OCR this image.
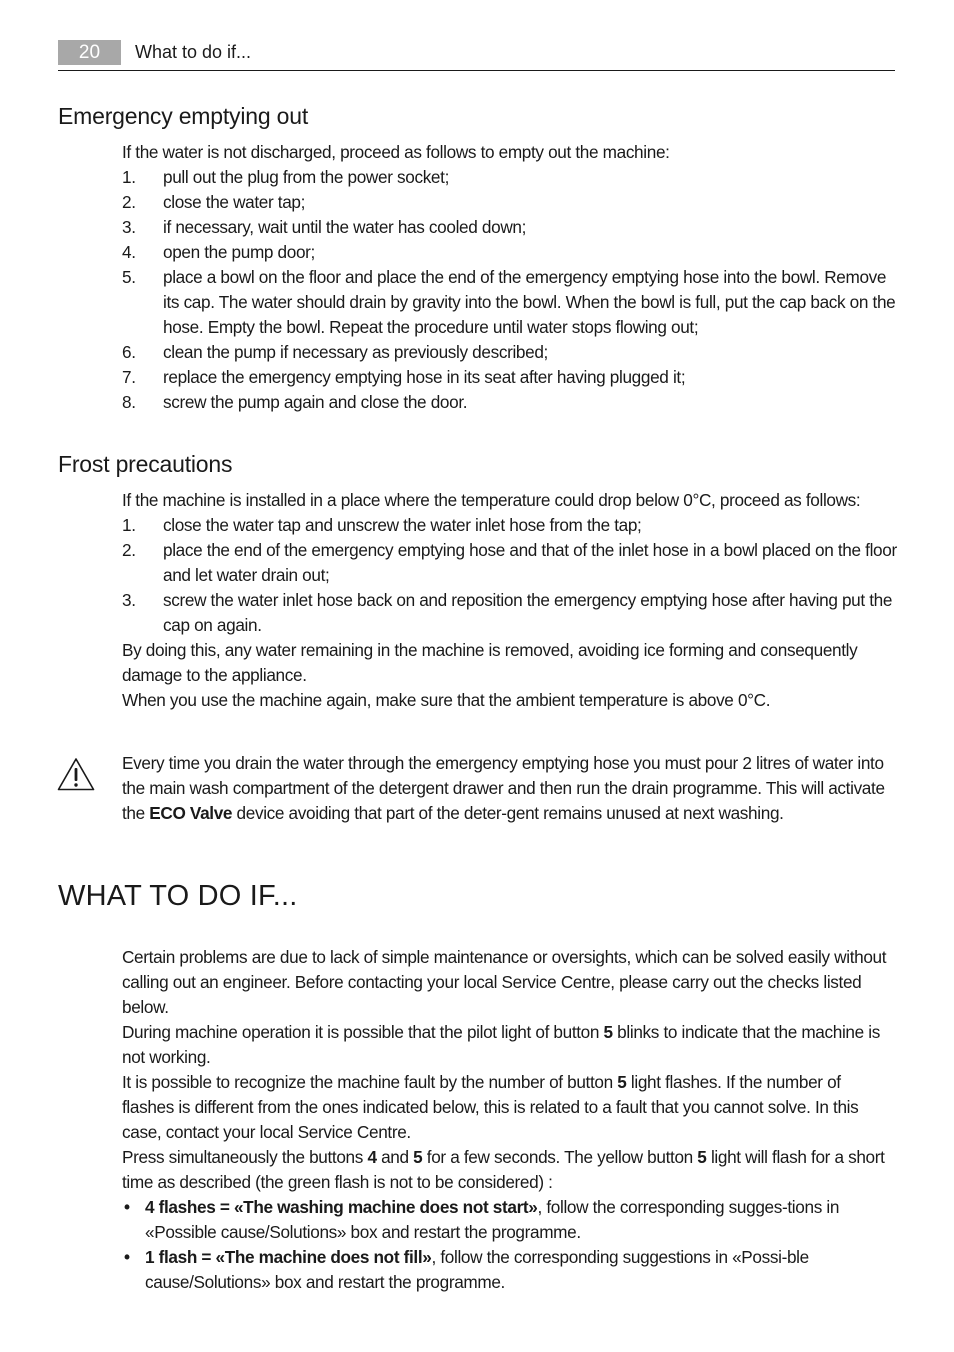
20	What to do if...
Emergency emptying out

If the water is not discharged, proceed as follows to empty out the machine:

1. pull out the plug from the power socket;
2. close the water tap;
3. if necessary, wait until the water has cooled down;
4. open the pump door;
5. place a bowl on the floor and place the end of the emergency emptying hose into the bowl. Remove its cap. The water should drain by gravity into the bowl. When the bowl is full, put the cap back on the hose. Empty the bowl. Repeat the procedure until water stops flowing out;
6. clean the pump if necessary as previously described;
7. replace the emergency emptying hose in its seat after having plugged it;
8. screw the pump again and close the door.
Frost precautions

If the machine is installed in a place where the temperature could drop below 0°C, proceed as follows:

1. close the water tap and unscrew the water inlet hose from the tap;
2. place the end of the emergency emptying hose and that of the inlet hose in a bowl placed on the floor and let water drain out;
3. screw the water inlet hose back on and reposition the emergency emptying hose after having put the cap on again.

By doing this, any water remaining in the machine is removed, avoiding ice forming and consequently damage to the appliance.

When you use the machine again, make sure that the ambient temperature is above 0°C.

Every time you drain the water through the emergency emptying hose you must pour 2 litres of water into the main wash compartment of the detergent drawer and then run the drain programme. This will activate the ECO Valve device avoiding that part of the deter-gent remains unused at next washing.

WHAT TO DO IF...

Certain problems are due to lack of simple maintenance or oversights, which can be solved easily without calling out an engineer. Before contacting your local Service Centre, please carry out the checks listed below.

During machine operation it is possible that the pilot light of button 5 blinks to indicate that the machine is not working.

It is possible to recognize the machine fault by the number of button 5 light flashes. If the number of flashes is different from the ones indicated below, this is related to a fault that you cannot solve. In this case, contact your local Service Centre.

Press simultaneously the buttons 4 and 5 for a few seconds. The yellow button 5 light will flash for a short time as described (the green flash is not to be considered) :

• 4 flashes = «The washing machine does not start», follow the corresponding sugges-tions in «Possible cause/Solutions» box and restart the programme.
• 1 flash = «The machine does not fill», follow the corresponding suggestions in «Possi-ble cause/Solutions» box and restart the programme.
